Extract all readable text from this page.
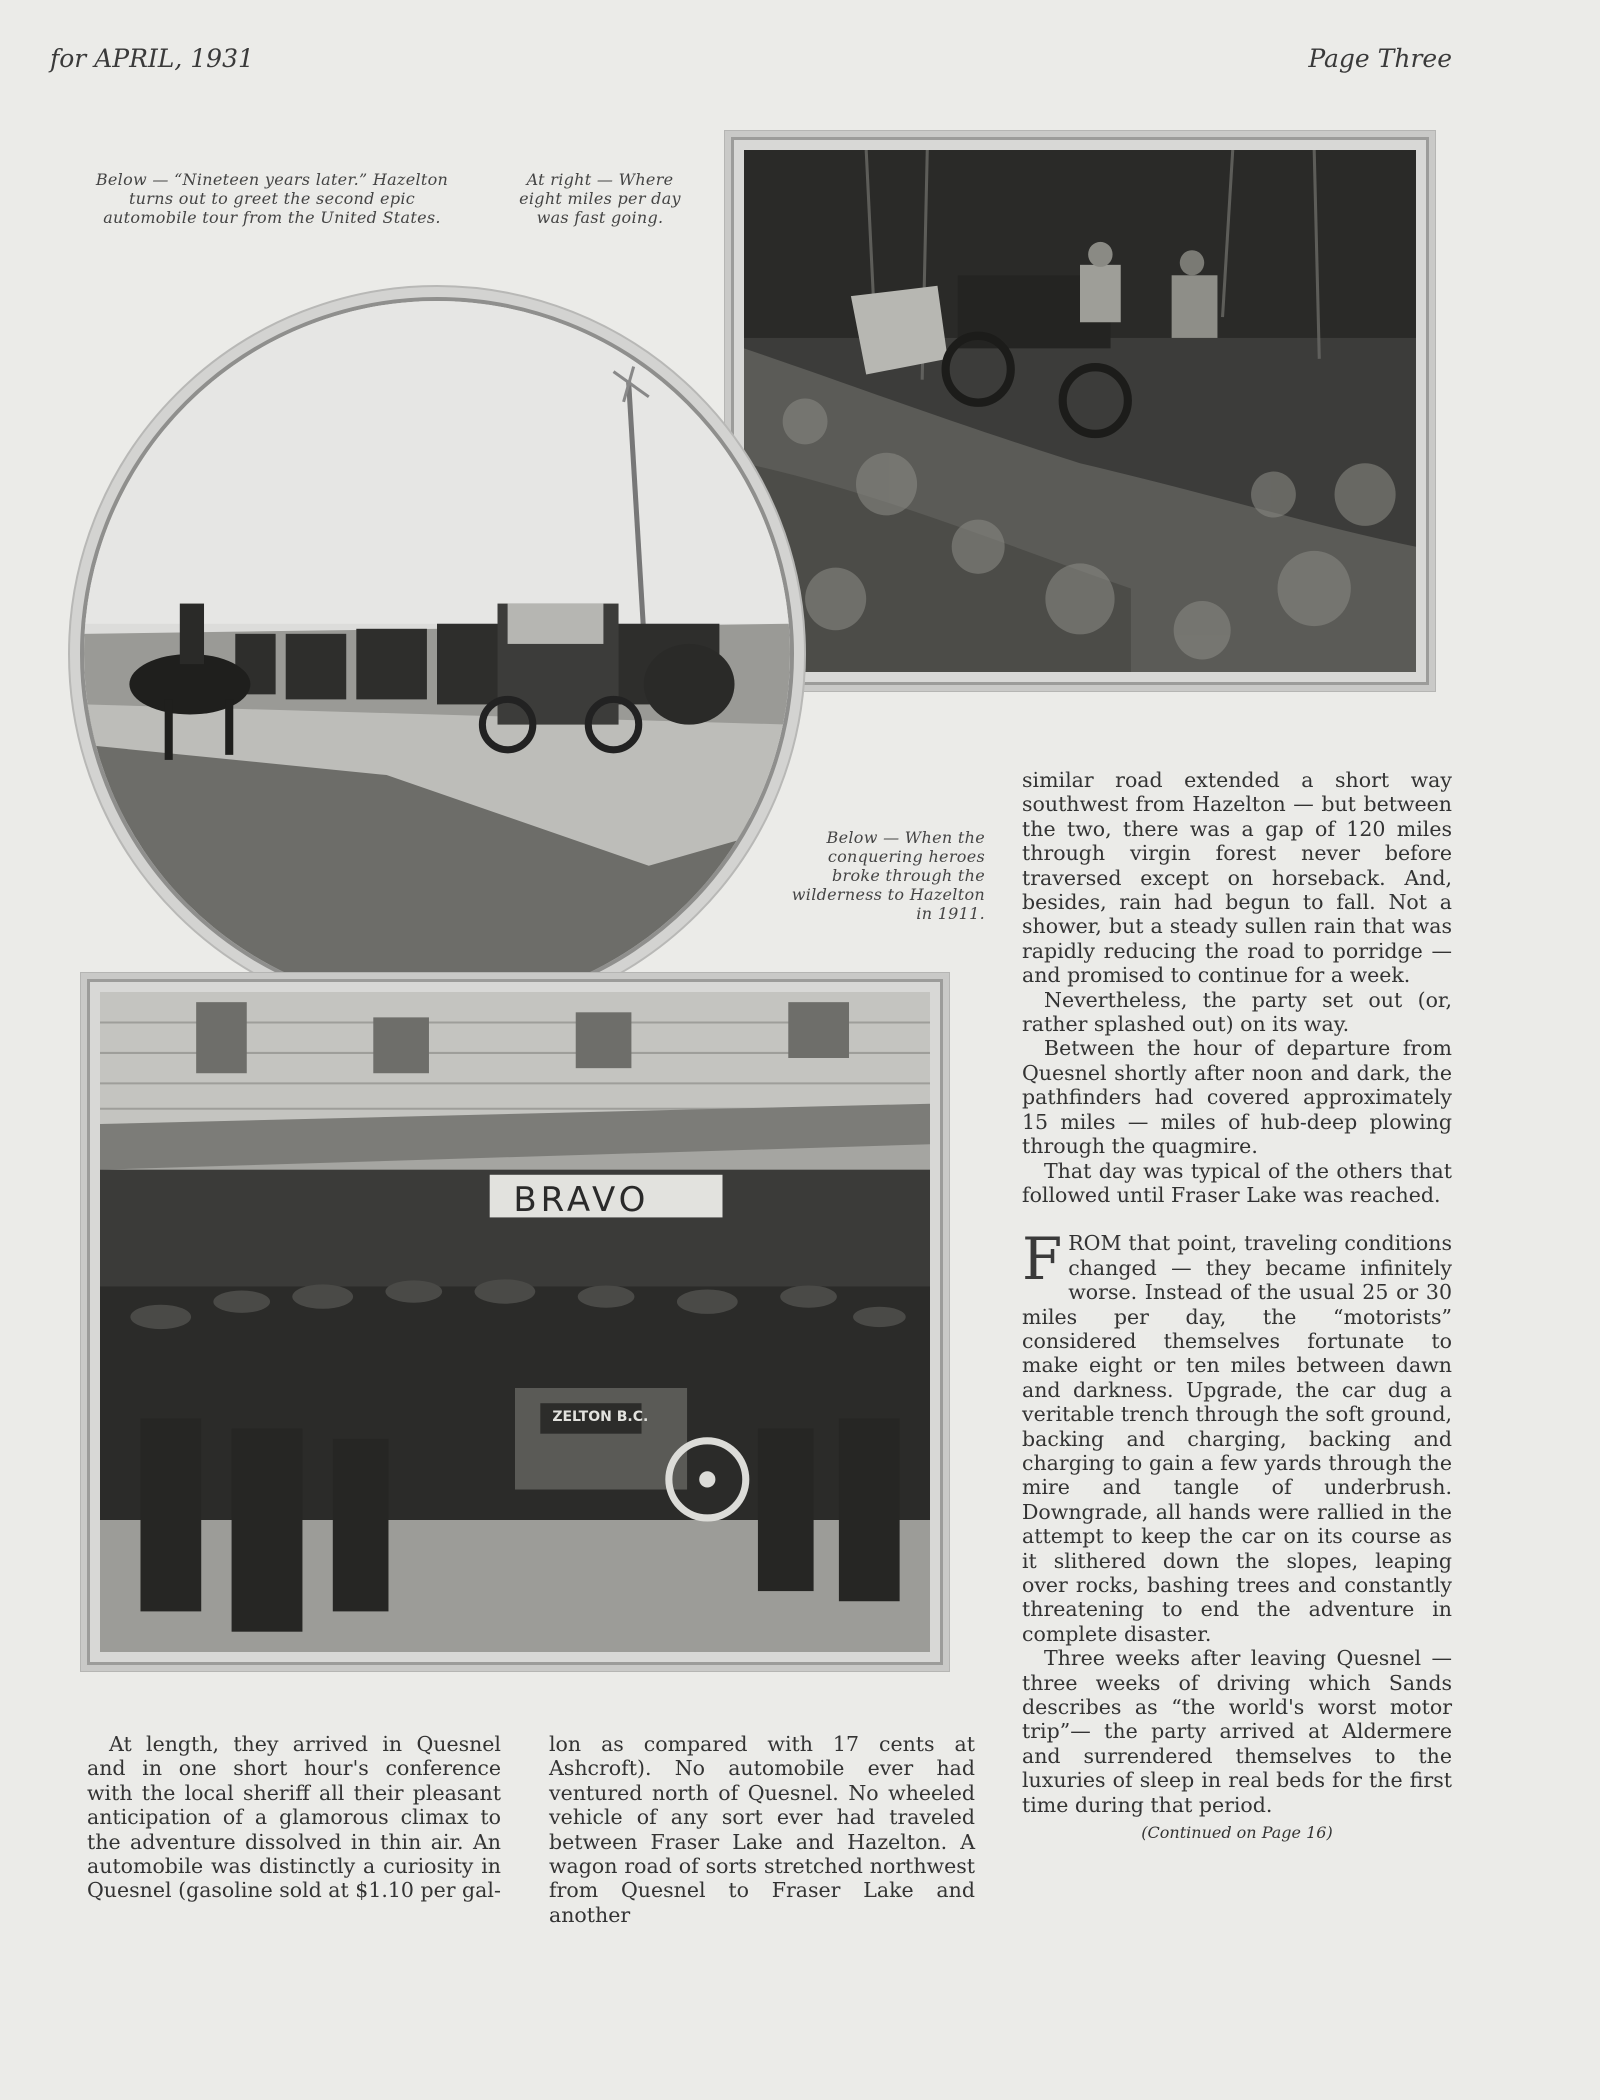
for APRIL, 1931	Page Three
Below — “Nineteen years later.” Hazelton turns out to greet the second epic automobile tour from the United States.
At right — Where eight miles per day was fast going.
Below — When the conquering heroes broke through the wilderness to Hazelton in 1911.
BRAVO
ZELTON B.C.

At length, they arrived in Quesnel and in one short hour's conference with the local sheriff all their pleasant anticipation of a glamorous climax to the adventure dissolved in thin air. An automobile was distinctly a curiosity in Quesnel (gasoline sold at $1.10 per gal-

lon as compared with 17 cents at Ashcroft). No automobile ever had ventured north of Quesnel. No wheeled vehicle of any sort ever had traveled between Fraser Lake and Hazelton. A wagon road of sorts stretched northwest from Quesnel to Fraser Lake and another

similar road extended a short way southwest from Hazelton — but between the two, there was a gap of 120 miles through virgin forest never before traversed except on horseback. And, besides, rain had begun to fall. Not a shower, but a steady sullen rain that was rapidly reducing the road to porridge — and promised to continue for a week.

Nevertheless, the party set out (or, rather splashed out) on its way.

Between the hour of departure from Quesnel shortly after noon and dark, the pathfinders had covered approximately 15 miles — miles of hub-deep plowing through the quagmire.

That day was typical of the others that followed until Fraser Lake was reached.

FROM that point, traveling conditions changed — they became infinitely worse. Instead of the usual 25 or 30 miles per day, the “motorists” considered themselves fortunate to make eight or ten miles between dawn and darkness. Upgrade, the car dug a veritable trench through the soft ground, backing and charging, backing and charging to gain a few yards through the mire and tangle of underbrush. Downgrade, all hands were rallied in the attempt to keep the car on its course as it slithered down the slopes, leaping over rocks, bashing trees and constantly threatening to end the adventure in complete disaster.

Three weeks after leaving Quesnel — three weeks of driving which Sands describes as “the world's worst motor trip”— the party arrived at Aldermere and surrendered themselves to the luxuries of sleep in real beds for the first time during that period.

(Continued on Page 16)
